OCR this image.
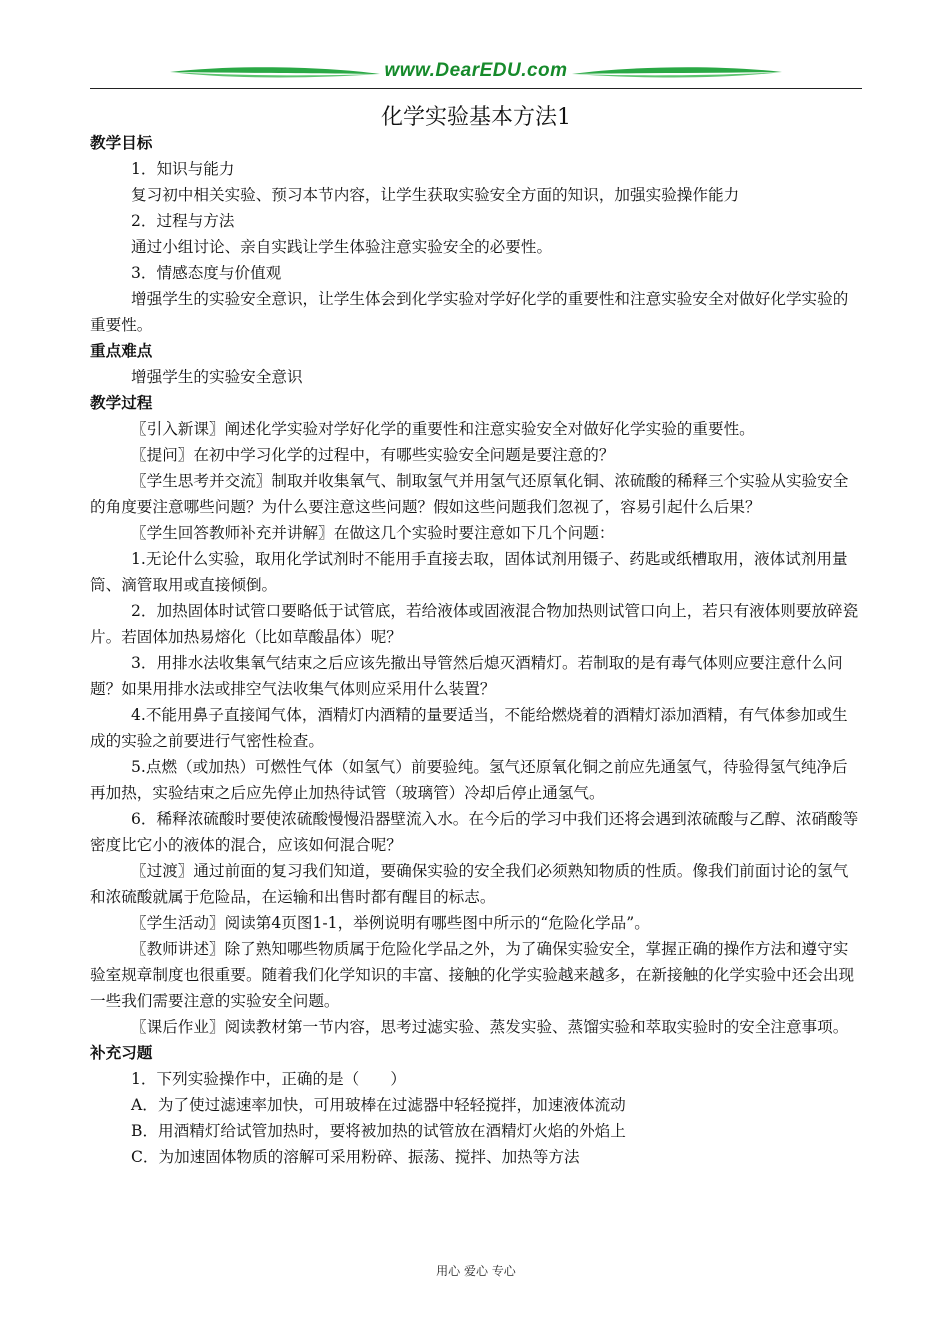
www.DearEDU.com
化学实验基本方法1

教学目标

1．知识与能力

复习初中相关实验、预习本节内容，让学生获取实验安全方面的知识，加强实验操作能力

2．过程与方法

通过小组讨论、亲自实践让学生体验注意实验安全的必要性。

3．情感态度与价值观

增强学生的实验安全意识，让学生体会到化学实验对学好化学的重要性和注意实验安全对做好化学实验的重要性。

重点难点

增强学生的实验安全意识

教学过程

〖引入新课〗阐述化学实验对学好化学的重要性和注意实验安全对做好化学实验的重要性。

〖提问〗在初中学习化学的过程中，有哪些实验安全问题是要注意的？

〖学生思考并交流〗制取并收集氧气、制取氢气并用氢气还原氧化铜、浓硫酸的稀释三个实验从实验安全的角度要注意哪些问题？为什么要注意这些问题？假如这些问题我们忽视了，容易引起什么后果？

〖学生回答教师补充并讲解〗在做这几个实验时要注意如下几个问题：

1.无论什么实验，取用化学试剂时不能用手直接去取，固体试剂用镊子、药匙或纸槽取用，液体试剂用量筒、滴管取用或直接倾倒。

2．加热固体时试管口要略低于试管底，若给液体或固液混合物加热则试管口向上，若只有液体则要放碎瓷片。若固体加热易熔化（比如草酸晶体）呢？

3．用排水法收集氧气结束之后应该先撤出导管然后熄灭酒精灯。若制取的是有毒气体则应要注意什么问题？如果用排水法或排空气法收集气体则应采用什么装置？

4.不能用鼻子直接闻气体，酒精灯内酒精的量要适当，不能给燃烧着的酒精灯添加酒精，有气体参加或生成的实验之前要进行气密性检查。

5.点燃（或加热）可燃性气体（如氢气）前要验纯。氢气还原氧化铜之前应先通氢气，待验得氢气纯净后再加热，实验结束之后应先停止加热待试管（玻璃管）冷却后停止通氢气。

6．稀释浓硫酸时要使浓硫酸慢慢沿器壁流入水。在今后的学习中我们还将会遇到浓硫酸与乙醇、浓硝酸等密度比它小的液体的混合，应该如何混合呢？

〖过渡〗通过前面的复习我们知道，要确保实验的安全我们必须熟知物质的性质。像我们前面讨论的氢气和浓硫酸就属于危险品，在运输和出售时都有醒目的标志。

〖学生活动〗阅读第4页图1-1，举例说明有哪些图中所示的“危险化学品”。

〖教师讲述〗除了熟知哪些物质属于危险化学品之外，为了确保实验安全，掌握正确的操作方法和遵守实验室规章制度也很重要。随着我们化学知识的丰富、接触的化学实验越来越多，在新接触的化学实验中还会出现一些我们需要注意的实验安全问题。

〖课后作业〗阅读教材第一节内容，思考过滤实验、蒸发实验、蒸馏实验和萃取实验时的安全注意事项。

补充习题

1．下列实验操作中，正确的是（　　）

A．为了使过滤速率加快，可用玻棒在过滤器中轻轻搅拌，加速液体流动

B．用酒精灯给试管加热时，要将被加热的试管放在酒精灯火焰的外焰上

C．为加速固体物质的溶解可采用粉碎、振荡、搅拌、加热等方法

用心 爱心 专心
